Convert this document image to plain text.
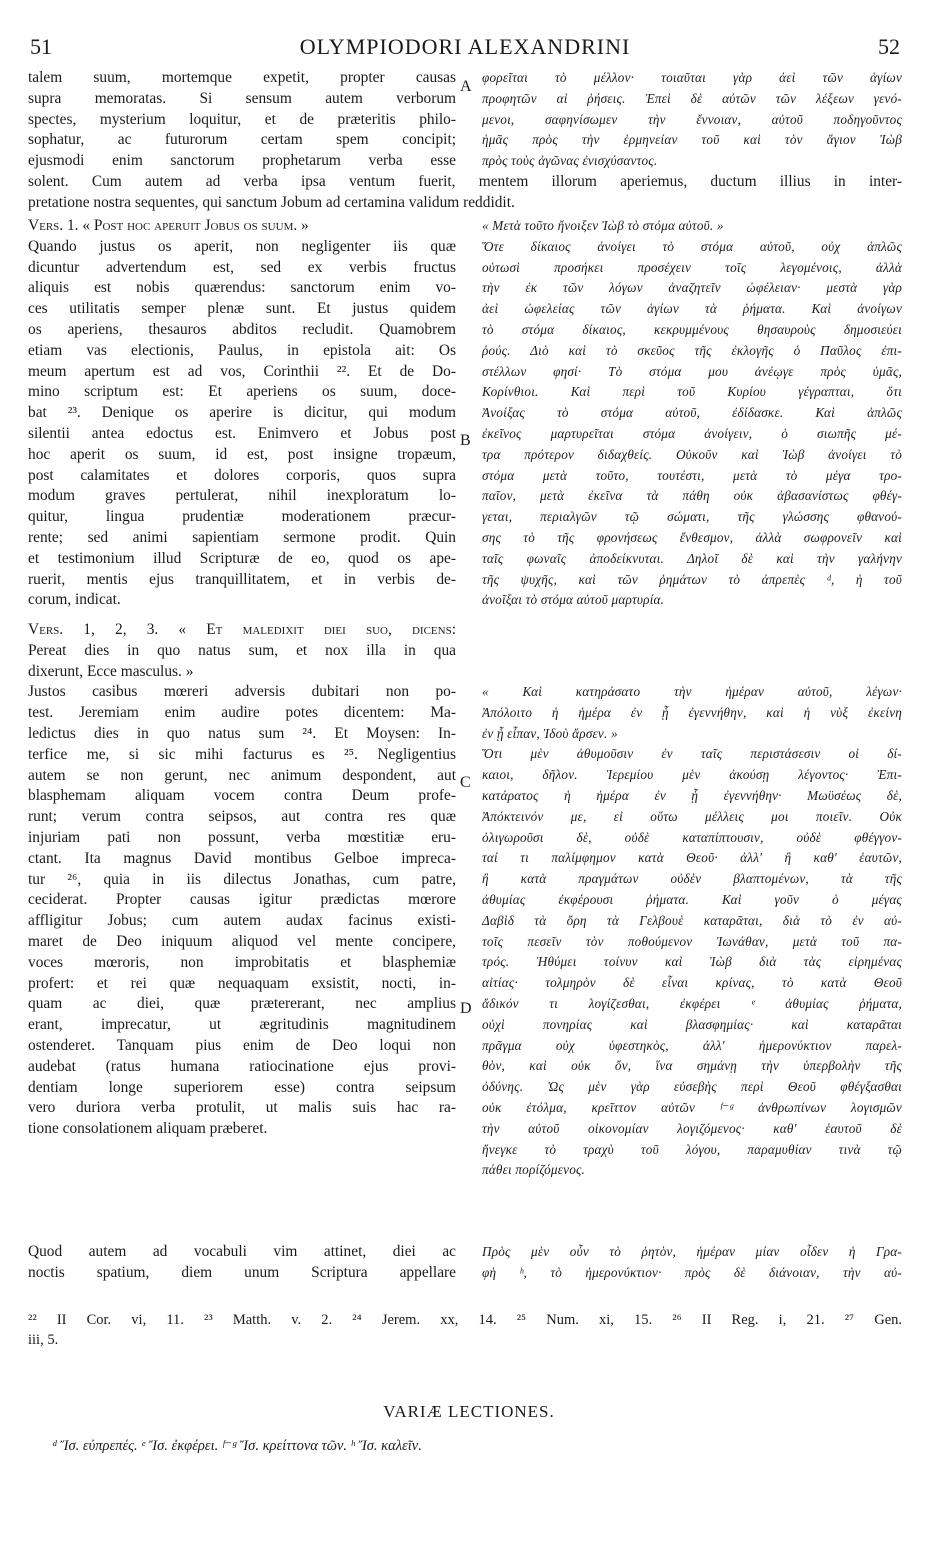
51	OLYMPIODORI ALEXANDRINI	52
talem suum, mortemque expetit, propter causas
supra memoratas. Si sensum autem verborum
spectes, mysterium loquitur, et de præteritis philo-
sophatur, ac futurorum certam spem concipit;
ejusmodi enim sanctorum prophetarum verba esse
A
φορεῖται τὸ μέλλον· τοιαῦται γὰρ ἀεὶ τῶν ἁγίων
προφητῶν αἱ ῥήσεις. Ἐπεὶ δὲ αὐτῶν τῶν λέξεων γενό-
μενοι, σαφηνίσωμεν τὴν ἔννοιαν, αὐτοῦ ποδηγοῦντος
ἡμᾶς πρὸς τὴν ἑρμηνείαν τοῦ καὶ τὸν ἅγιον Ἰὼβ
πρὸς τοὺς ἀγῶνας ἐνισχύσαντος.
solent. Cum autem ad verba ipsa ventum fuerit, mentem illorum aperiemus, ductum illius in inter-
pretatione nostra sequentes, qui sanctum Jobum ad certamina validum reddidit.
Vers. 1. « Post hoc aperuit Jobus os suum. »
Quando justus os aperit, non negligenter iis quæ
dicuntur advertendum est, sed ex verbis fructus
aliquis est nobis quærendus: sanctorum enim vo-
ces utilitatis semper plenæ sunt. Et justus quidem
os aperiens, thesauros abditos recludit. Quamobrem
etiam vas electionis, Paulus, in epistola ait: Os
meum apertum est ad vos, Corinthii ²². Et de Do-
mino scriptum est: Et aperiens os suum, doce-
bat ²³. Denique os aperire is dicitur, qui modum
silentii antea edoctus est. Enimvero et Jobus post
hoc aperit os suum, id est, post insigne tropæum,
post calamitates et dolores corporis, quos supra
modum graves pertulerat, nihil inexploratum lo-
quitur, lingua prudentiæ moderationem præcur-
rente; sed animi sapientiam sermone prodit. Quin
et testimonium illud Scripturæ de eo, quod os ape-
ruerit, mentis ejus tranquillitatem, et in verbis de-
corum, indicat.
B
« Μετὰ τοῦτο ἤνοιξεν Ἰὼβ τὸ στόμα αὐτοῦ. »
Ὅτε δίκαιος ἀνοίγει τὸ στόμα αὐτοῦ, οὐχ ἁπλῶς
οὑτωσὶ προσήκει προσέχειν τοῖς λεγομένοις, ἀλλὰ
τὴν ἐκ τῶν λόγων ἀναζητεῖν ὠφέλειαν· μεστὰ γὰρ
ἀεὶ ὠφελείας τῶν ἁγίων τὰ ῥήματα. Καὶ ἀνοίγων
τὸ στόμα δίκαιος, κεκρυμμένους θησαυροὺς δημοσιεύει
ῥούς. Διὸ καὶ τὸ σκεῦος τῆς ἐκλογῆς ὁ Παῦλος ἐπι-
στέλλων φησί· Τὸ στόμα μου ἀνέῳγε πρὸς ὑμᾶς,
Κορίνθιοι. Καὶ περὶ τοῦ Κυρίου γέγραπται, ὅτι
Ἀνοίξας τὸ στόμα αὐτοῦ, ἐδίδασκε. Καὶ ἁπλῶς
ἐκεῖνος μαρτυρεῖται στόμα ἀνοίγειν, ὁ σιωπῆς μέ-
τρα πρότερον διδαχθείς. Οὐκοῦν καὶ Ἰὼβ ἀνοίγει τὸ
στόμα μετὰ τοῦτο, τουτέστι, μετὰ τὸ μέγα τρο-
παῖον, μετὰ ἐκεῖνα τὰ πάθη οὐκ ἀβασανίστως φθέγ-
γεται, περιαλγῶν τῷ σώματι, τῆς γλώσσης φθανού-
σης τὸ τῆς φρονήσεως ἔνθεσμον, ἀλλὰ σωφρονεῖν καὶ
ταῖς φωναῖς ἀποδείκνυται. Δηλοῖ δὲ καὶ τὴν γαλήνην
τῆς ψυχῆς, καὶ τῶν ῥημάτων τὸ ἀπρεπὲς ᵈ, ἡ τοῦ
ἀνοῖξαι τὸ στόμα αὐτοῦ μαρτυρία.
Vers. 1, 2, 3. « Et maledixit diei suo, dicens:
Pereat dies in quo natus sum, et nox illa in qua
dixerunt, Ecce masculus. »
Justos casibus mœreri adversis dubitari non po-
test. Jeremiam enim audire potes dicentem: Ma-
ledictus dies in quo natus sum ²⁴. Et Moysen: In-
terfice me, si sic mihi facturus es ²⁵. Negligentius
autem se non gerunt, nec animum despondent, aut
blasphemam aliquam vocem contra Deum profe-
runt; verum contra seipsos, aut contra res quæ
injuriam pati non possunt, verba mœstitiæ eru-
ctant. Ita magnus David montibus Gelboe impreca-
tur ²⁶, quia in iis dilectus Jonathas, cum patre,
ceciderat. Propter causas igitur prædictas mœrore
affligitur Jobus; cum autem audax facinus existi-
maret de Deo iniquum aliquod vel mente concipere,
voces mœroris, non improbitatis et blasphemiæ
profert: et rei quæ nequaquam exsistit, nocti, in-
quam ac diei, quæ prætererant, nec amplius
erant, imprecatur, ut ægritudinis magnitudinem
ostenderet. Tanquam pius enim de Deo loqui non
audebat (ratus humana ratiocinatione ejus provi-
dentiam longe superiorem esse) contra seipsum
vero duriora verba protulit, ut malis suis hac ra-
tione consolationem aliquam præberet.
C
D
« Καὶ κατηράσατο τὴν ἡμέραν αὐτοῦ, λέγων·
Ἀπόλοιτο ἡ ἡμέρα ἐν ᾗ ἐγεννήθην, καὶ ἡ νὺξ ἐκείνη
ἐν ᾗ εἶπαν, Ἰδοὺ ἄρσεν. »
Ὅτι μὲν ἀθυμοῦσιν ἐν ταῖς περιστάσεσιν οἱ δί-
καιοι, δῆλον. Ἱερεμίου μὲν ἀκούσῃ λέγοντος· Ἐπι-
κατάρατος ἡ ἡμέρα ἐν ᾗ ἐγεννήθην· Μωϋσέως δὲ,
Ἀπόκτεινόν με, εἰ οὕτω μέλλεις μοι ποιεῖν. Οὐκ
ὀλιγωροῦσι δὲ, οὐδὲ καταπίπτουσιν, οὐδὲ φθέγγον-
ταί τι παλίμφημον κατὰ Θεοῦ· ἀλλ' ἢ καθ' ἑαυτῶν,
ἢ κατὰ πραγμάτων οὐδὲν βλαπτομένων, τὰ τῆς
ἀθυμίας ἐκφέρουσι ῥήματα. Καὶ γοῦν ὁ μέγας
Δαβὶδ τὰ ὄρη τὰ Γελβουὲ καταρᾶται, διὰ τὸ ἐν αὐ-
τοῖς πεσεῖν τὸν ποθούμενον Ἰωνάθαν, μετὰ τοῦ πα-
τρός. Ἠθύμει τοίνυν καὶ Ἰὼβ διὰ τὰς εἰρημένας
αἰτίας· τολμηρὸν δὲ εἶναι κρίνας, τὸ κατὰ Θεοῦ
ἄδικόν τι λογίζεσθαι, ἐκφέρει ᵉ ἀθυμίας ῥήματα,
οὐχὶ πονηρίας καὶ βλασφημίας· καὶ καταρᾶται
πρᾶγμα οὐχ ὑφεστηκὸς, ἀλλ' ἡμερονύκτιον παρελ-
θὸν, καὶ οὐκ ὄν, ἵνα σημάνῃ τὴν ὑπερβολὴν τῆς
ὀδύνης. Ὡς μὲν γὰρ εὐσεβὴς περὶ Θεοῦ φθέγξασθαι
οὐκ ἐτόλμα, κρεῖττον αὐτῶν ᶠ⁻ᵍ ἀνθρωπίνων λογισμῶν
τὴν αὐτοῦ οἰκονομίαν λογιζόμενος· καθ' ἑαυτοῦ δὲ
ἤνεγκε τὸ τραχὺ τοῦ λόγου, παραμυθίαν τινὰ τῷ
πάθει πορίζόμενος.
Quod autem ad vocabuli vim attinet, diei ac
noctis spatium, diem unum Scriptura appellare
Πρὸς μὲν οὖν τὸ ῥητὸν, ἡμέραν μίαν οἶδεν ἡ Γρα-
φὴ ʰ, τὸ ἡμερονύκτιον· πρὸς δὲ διάνοιαν, τὴν αὐ-
²² II Cor. vi, 11. ²³ Matth. v. 2. ²⁴ Jerem. xx, 14. ²⁵ Num. xi, 15. ²⁶ II Reg. i, 21. ²⁷ Gen.
iii, 5.
VARIÆ LECTIONES.
ᵈ Ἴσ. εὐπρεπές. ᵉ Ἴσ. ἐκφέρει. ᶠ⁻ᵍ Ἴσ. κρείττονα τῶν. ʰ Ἴσ. καλεῖν.
